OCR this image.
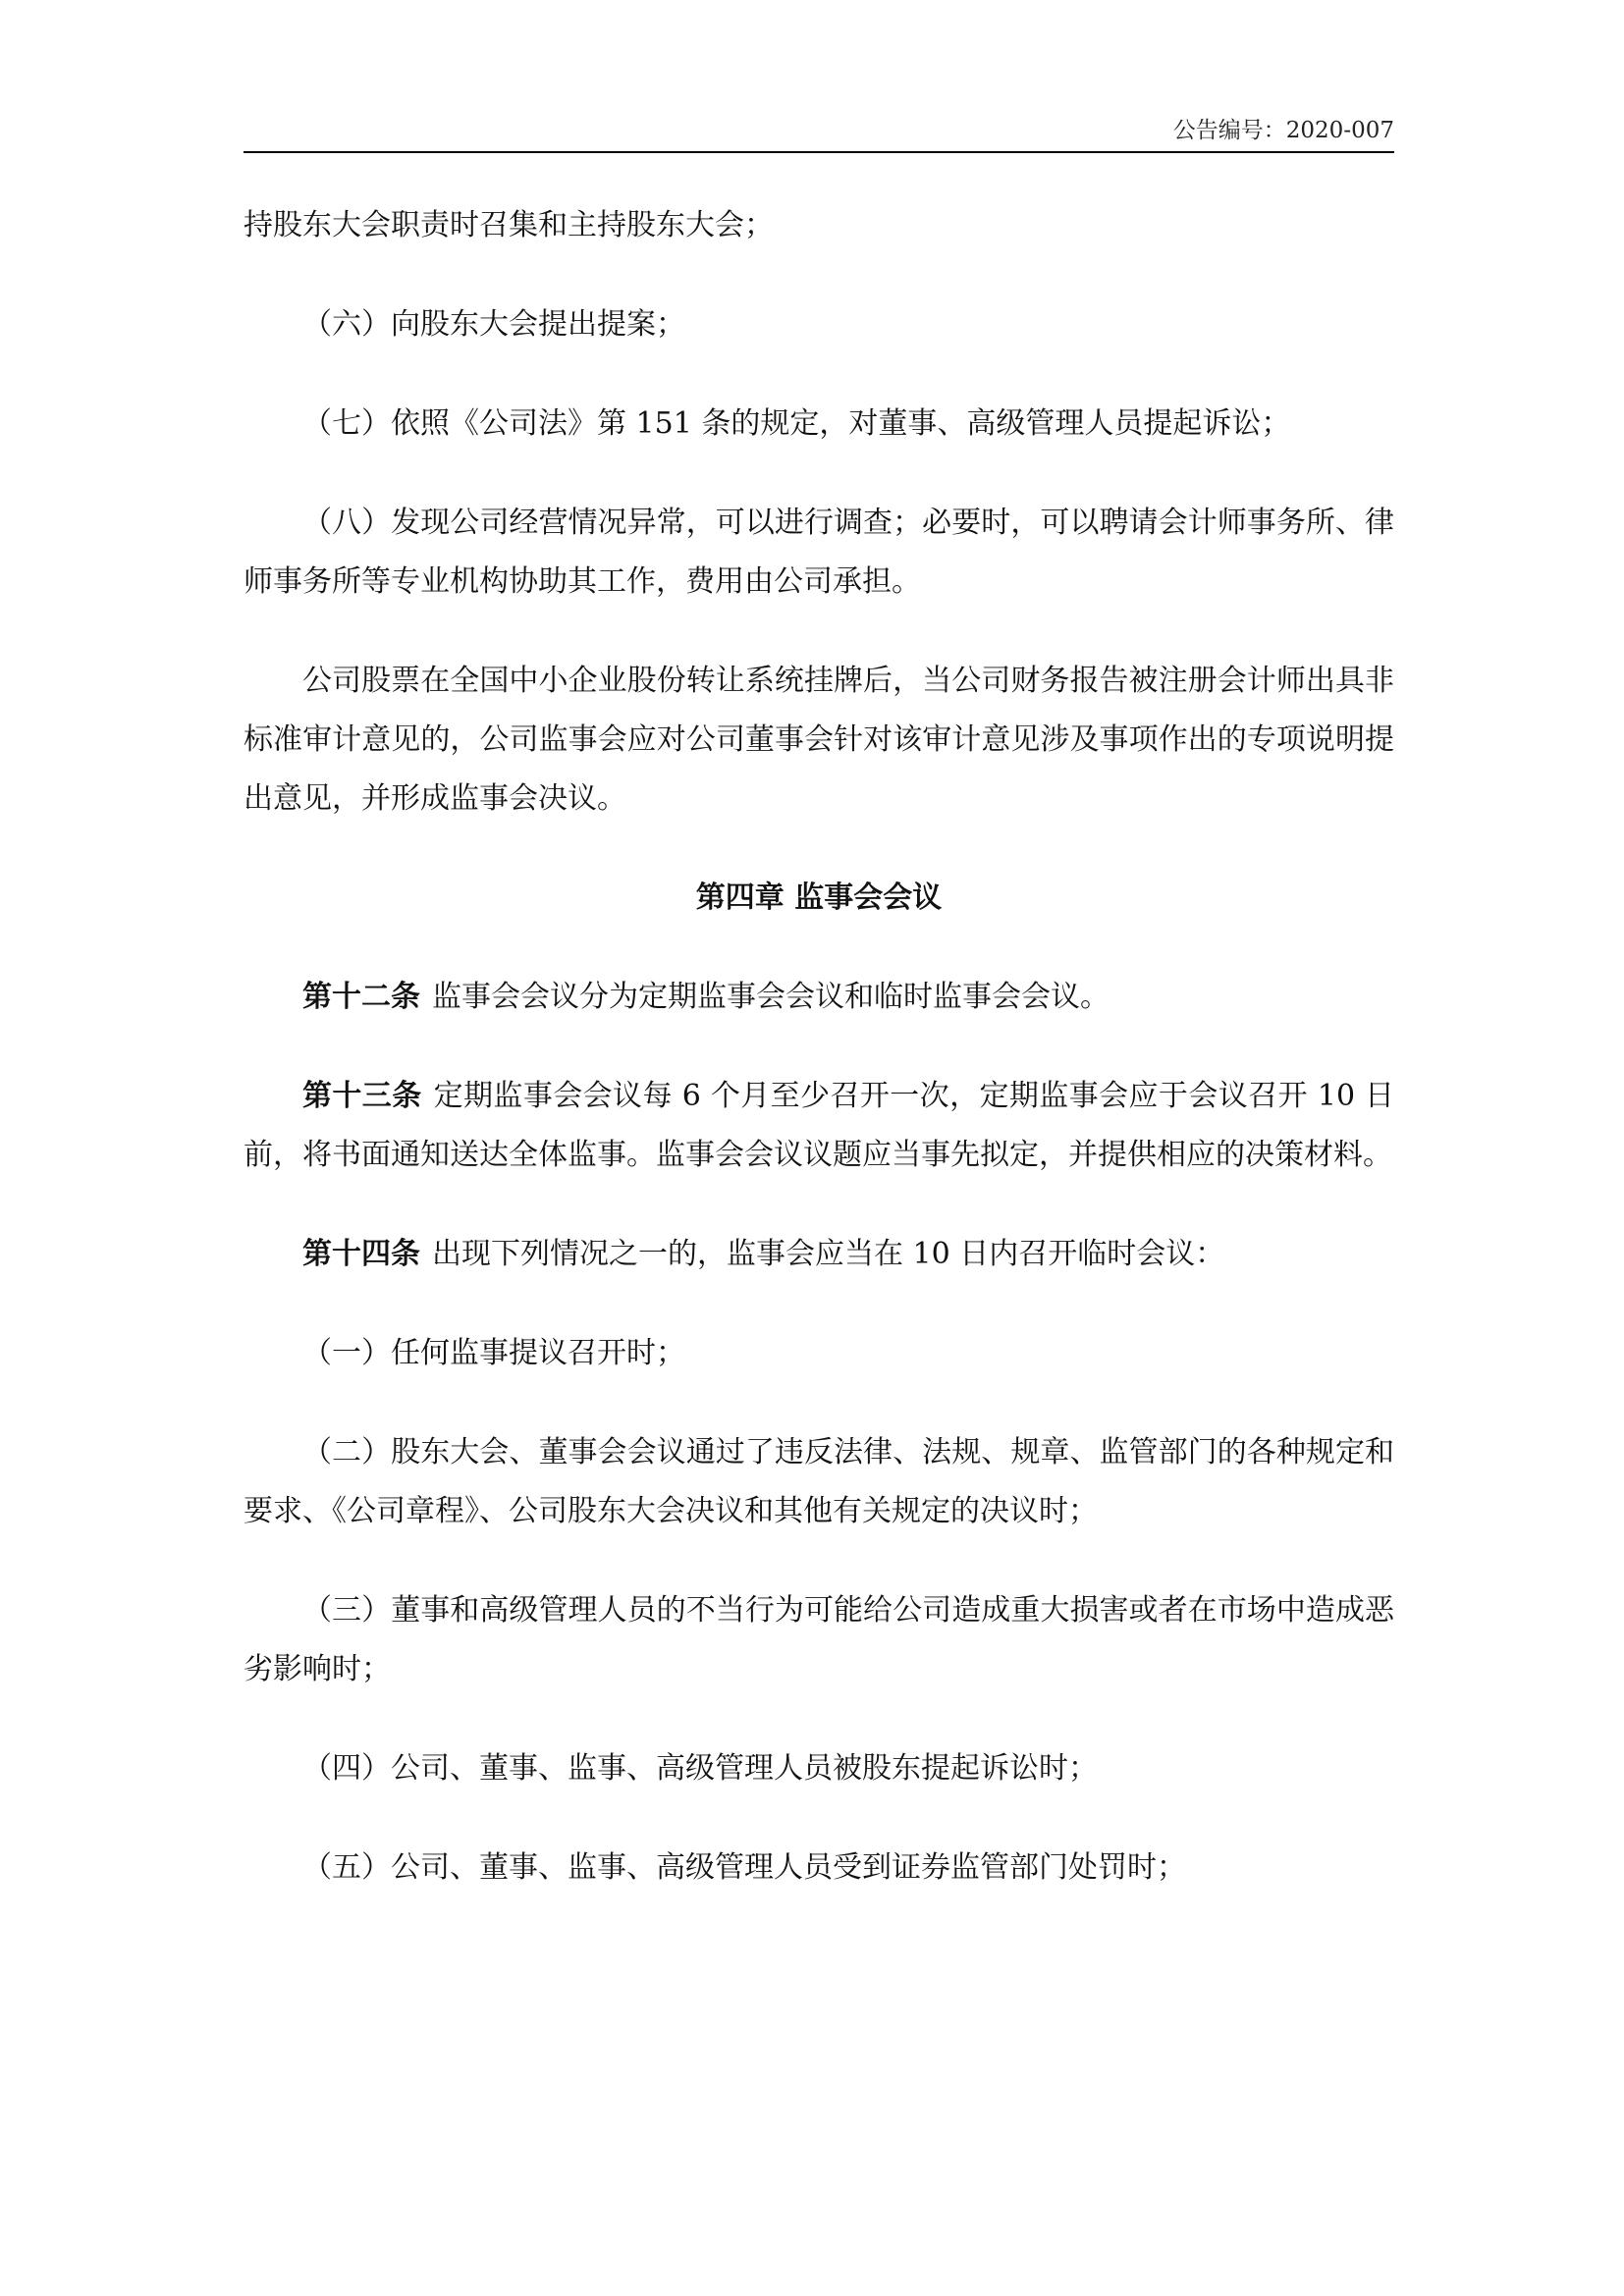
公告编号：2020-007

持股东大会职责时召集和主持股东大会；

（六）向股东大会提出提案；

（七）依照《公司法》第 151 条的规定，对董事、高级管理人员提起诉讼；

（八）发现公司经营情况异常，可以进行调查；必要时，可以聘请会计师事务所、律师事务所等专业机构协助其工作，费用由公司承担。

公司股票在全国中小企业股份转让系统挂牌后，当公司财务报告被注册会计师出具非标准审计意见的，公司监事会应对公司董事会针对该审计意见涉及事项作出的专项说明提出意见，并形成监事会决议。

第四章 监事会会议

第十二条 监事会会议分为定期监事会会议和临时监事会会议。

第十三条 定期监事会会议每 6 个月至少召开一次，定期监事会应于会议召开 10 日前，将书面通知送达全体监事。监事会会议议题应当事先拟定，并提供相应的决策材料。

第十四条 出现下列情况之一的，监事会应当在 10 日内召开临时会议：

（一）任何监事提议召开时；

（二）股东大会、董事会会议通过了违反法律、法规、规章、监管部门的各种规定和要求、《公司章程》、公司股东大会决议和其他有关规定的决议时；

（三）董事和高级管理人员的不当行为可能给公司造成重大损害或者在市场中造成恶劣影响时；

（四）公司、董事、监事、高级管理人员被股东提起诉讼时；

（五）公司、董事、监事、高级管理人员受到证券监管部门处罚时；
